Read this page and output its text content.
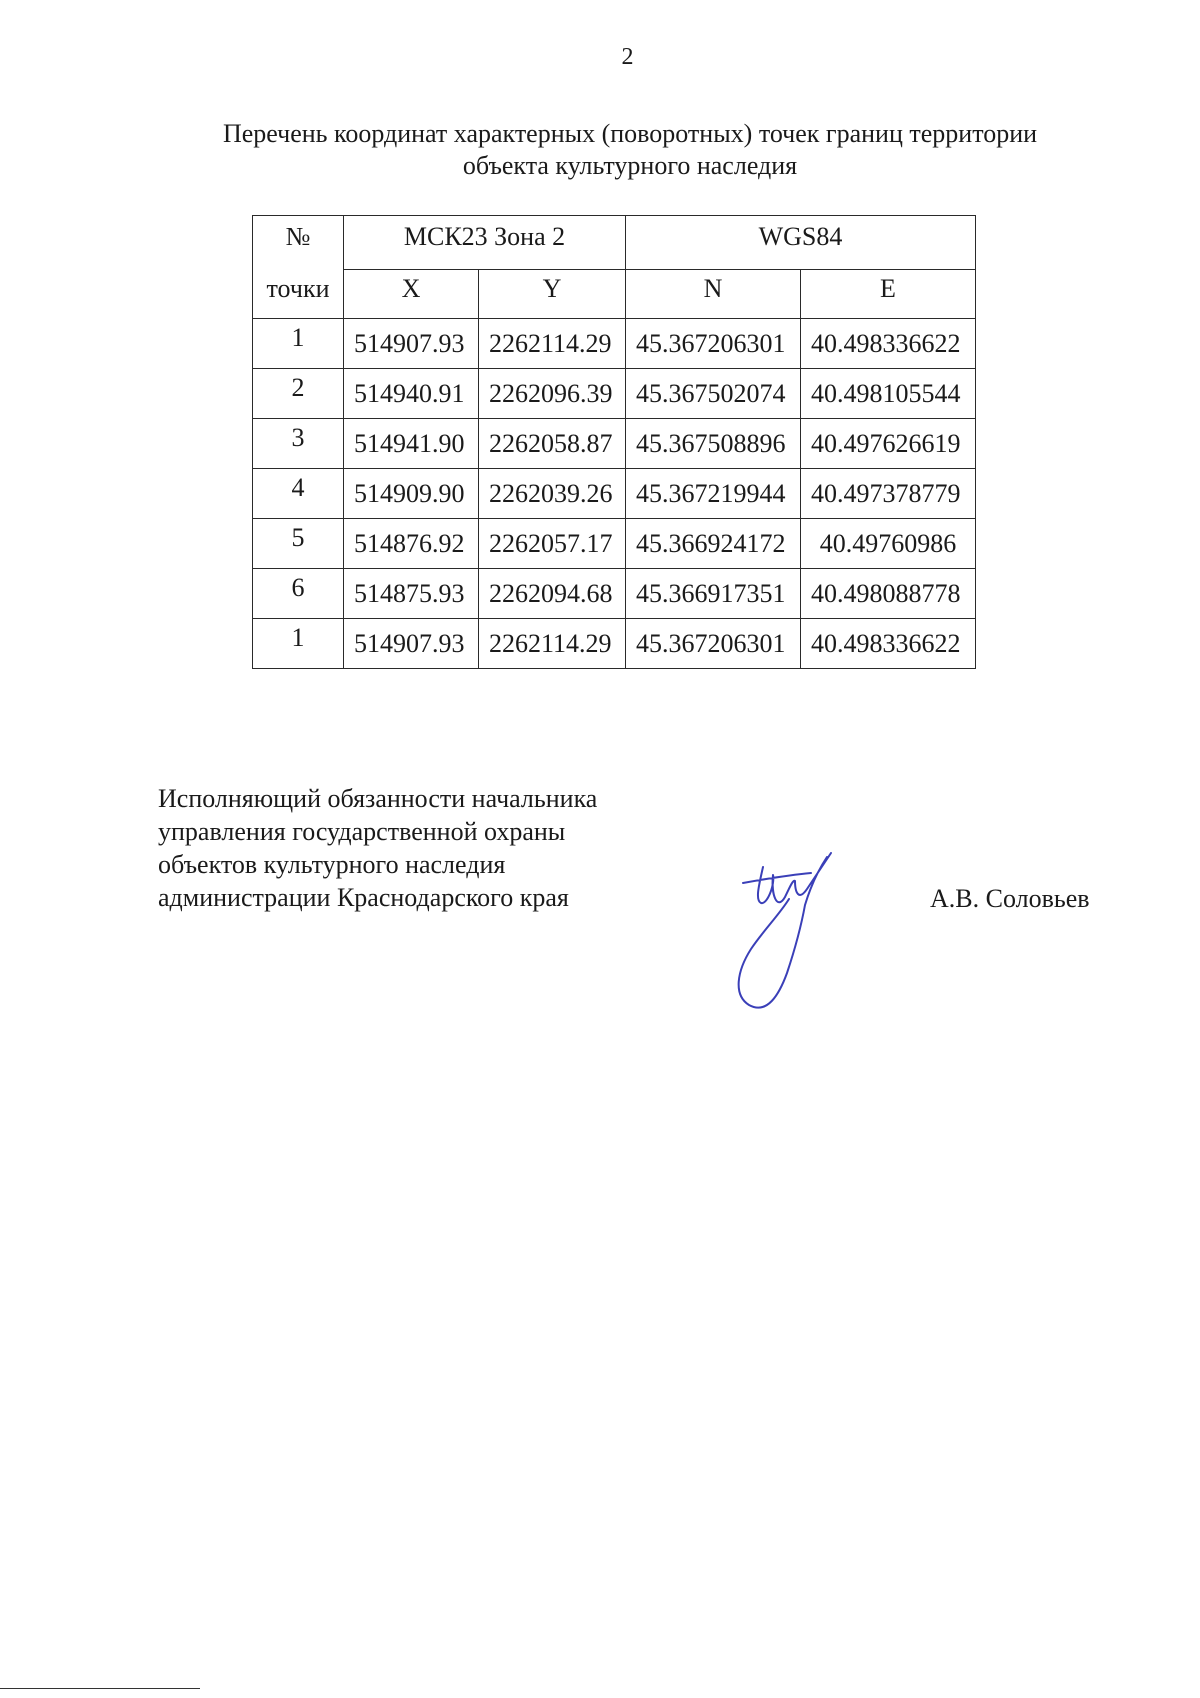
2
Перечень координат характерных (поворотных) точек границ территории
объекта культурного наследия
№	МСК23 Зона 2		WGS84	
точки	X	Y	N	E
1	514907.93	2262114.29	45.367206301	40.498336622
2	514940.91	2262096.39	45.367502074	40.498105544
3	514941.90	2262058.87	45.367508896	40.497626619
4	514909.90	2262039.26	45.367219944	40.497378779
5	514876.92	2262057.17	45.366924172	40.49760986
6	514875.93	2262094.68	45.366917351	40.498088778
1	514907.93	2262114.29	45.367206301	40.498336622
Исполняющий обязанности начальника
управления государственной охраны
объектов культурного наследия
администрации Краснодарского края	А.В. Соловьев
